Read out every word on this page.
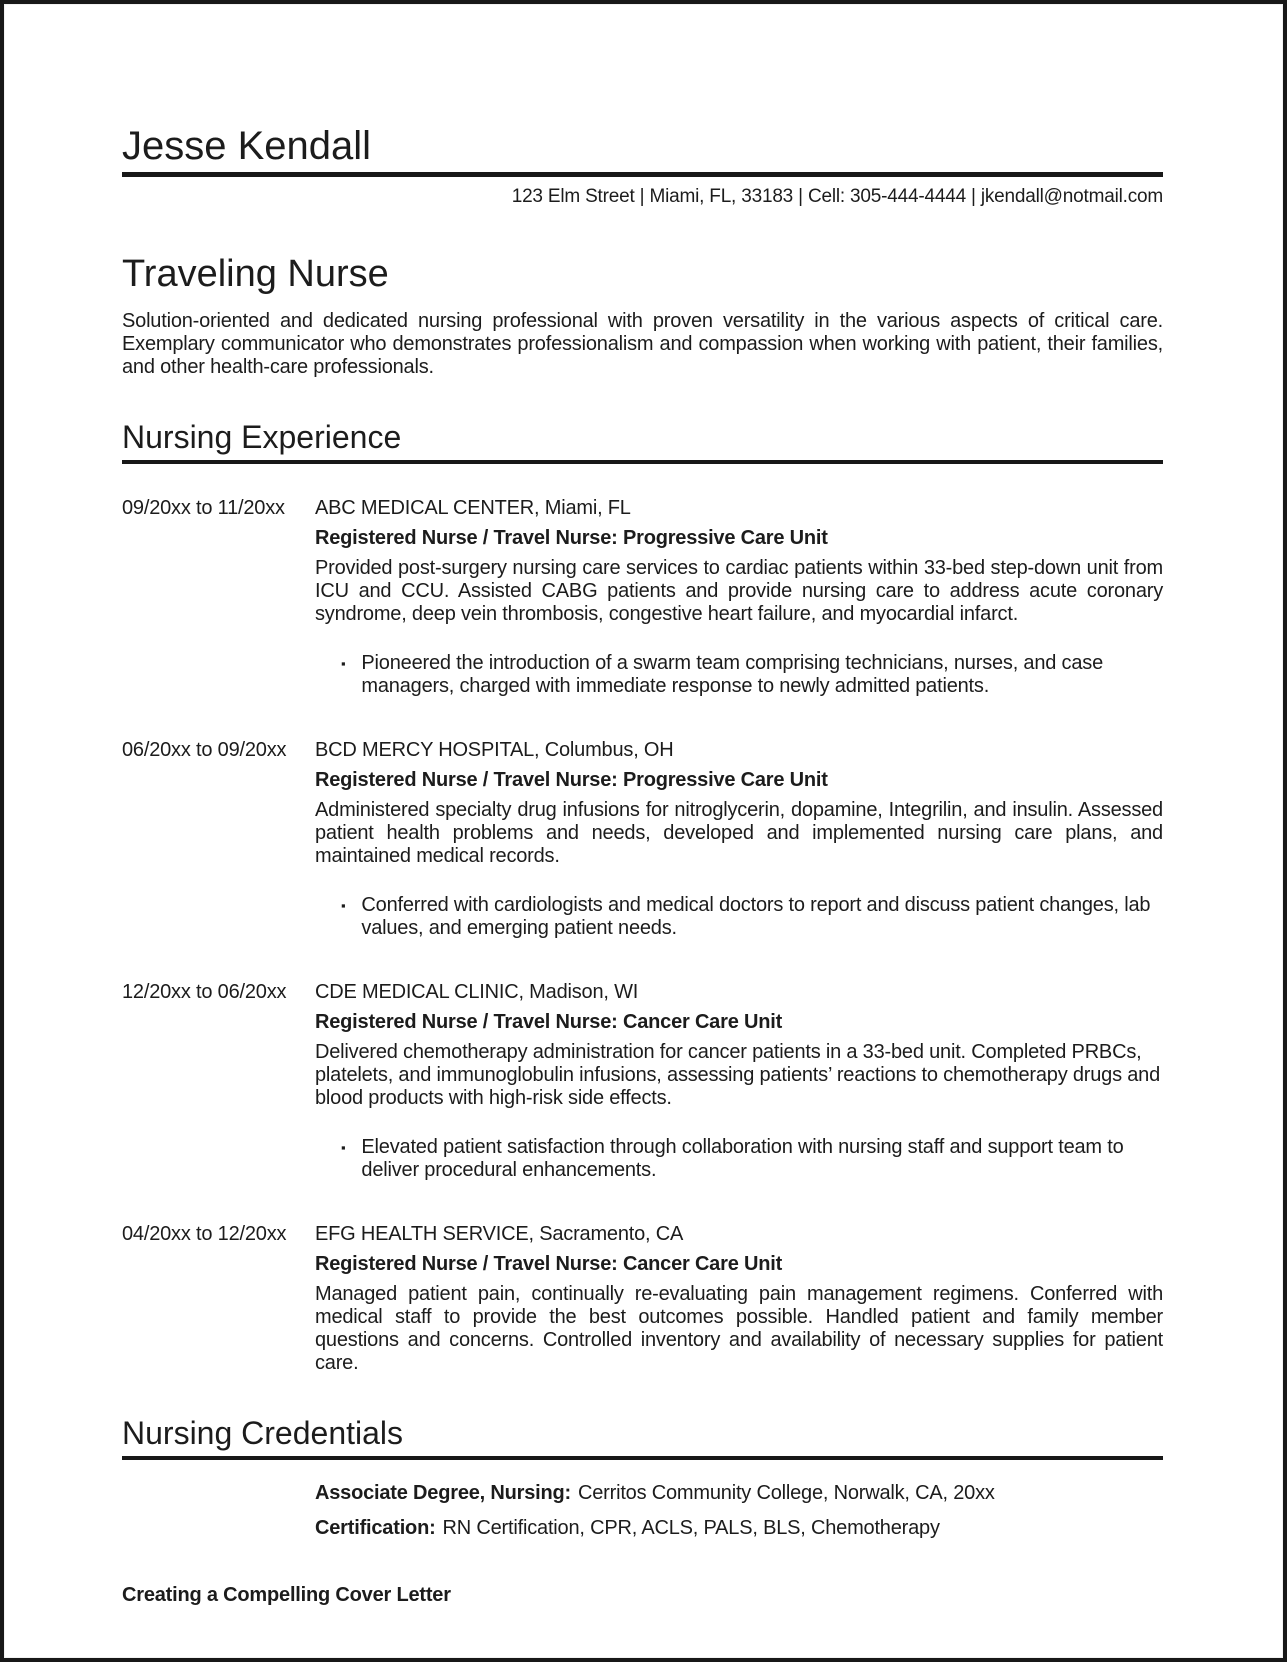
Jesse Kendall
123 Elm Street | Miami, FL, 33183 | Cell: 305-444-4444 | jkendall@notmail.com
Traveling Nurse

Solution-oriented and dedicated nursing professional with proven versatility in the various aspects of critical care. Exemplary communicator who demonstrates professionalism and compassion when working with patient, their families, and other health-care professionals.

Nursing Experience
09/20xx to 11/20xx	ABC MEDICAL CENTER, Miami, FL
Registered Nurse / Travel Nurse: Progressive Care Unit

Provided post-surgery nursing care services to cardiac patients within 33-bed step-down unit from ICU and CCU. Assisted CABG patients and provide nursing care to address acute coronary syndrome, deep vein thrombosis, congestive heart failure, and myocardial infarct.

▪ Pioneered the introduction of a swarm team comprising technicians, nurses, and case managers, charged with immediate response to newly admitted patients.
06/20xx to 09/20xx	BCD MERCY HOSPITAL, Columbus, OH
Registered Nurse / Travel Nurse: Progressive Care Unit

Administered specialty drug infusions for nitroglycerin, dopamine, Integrilin, and insulin. Assessed patient health problems and needs, developed and implemented nursing care plans, and maintained medical records.

▪ Conferred with cardiologists and medical doctors to report and discuss patient changes, lab values, and emerging patient needs.
12/20xx to 06/20xx	CDE MEDICAL CLINIC, Madison, WI
Registered Nurse / Travel Nurse: Cancer Care Unit

Delivered chemotherapy administration for cancer patients in a 33-bed unit. Completed PRBCs, platelets, and immunoglobulin infusions, assessing patients’ reactions to chemotherapy drugs and blood products with high-risk side effects.

▪ Elevated patient satisfaction through collaboration with nursing staff and support team to deliver procedural enhancements.
04/20xx to 12/20xx	EFG HEALTH SERVICE, Sacramento, CA
Registered Nurse / Travel Nurse: Cancer Care Unit

Managed patient pain, continually re-evaluating pain management regimens. Conferred with medical staff to provide the best outcomes possible. Handled patient and family member questions and concerns. Controlled inventory and availability of necessary supplies for patient care.

Nursing Credentials
Associate Degree, Nursing: Cerritos Community College, Norwalk, CA, 20xx
Certification: RN Certification, CPR, ACLS, PALS, BLS, Chemotherapy
Creating a Compelling Cover Letter
